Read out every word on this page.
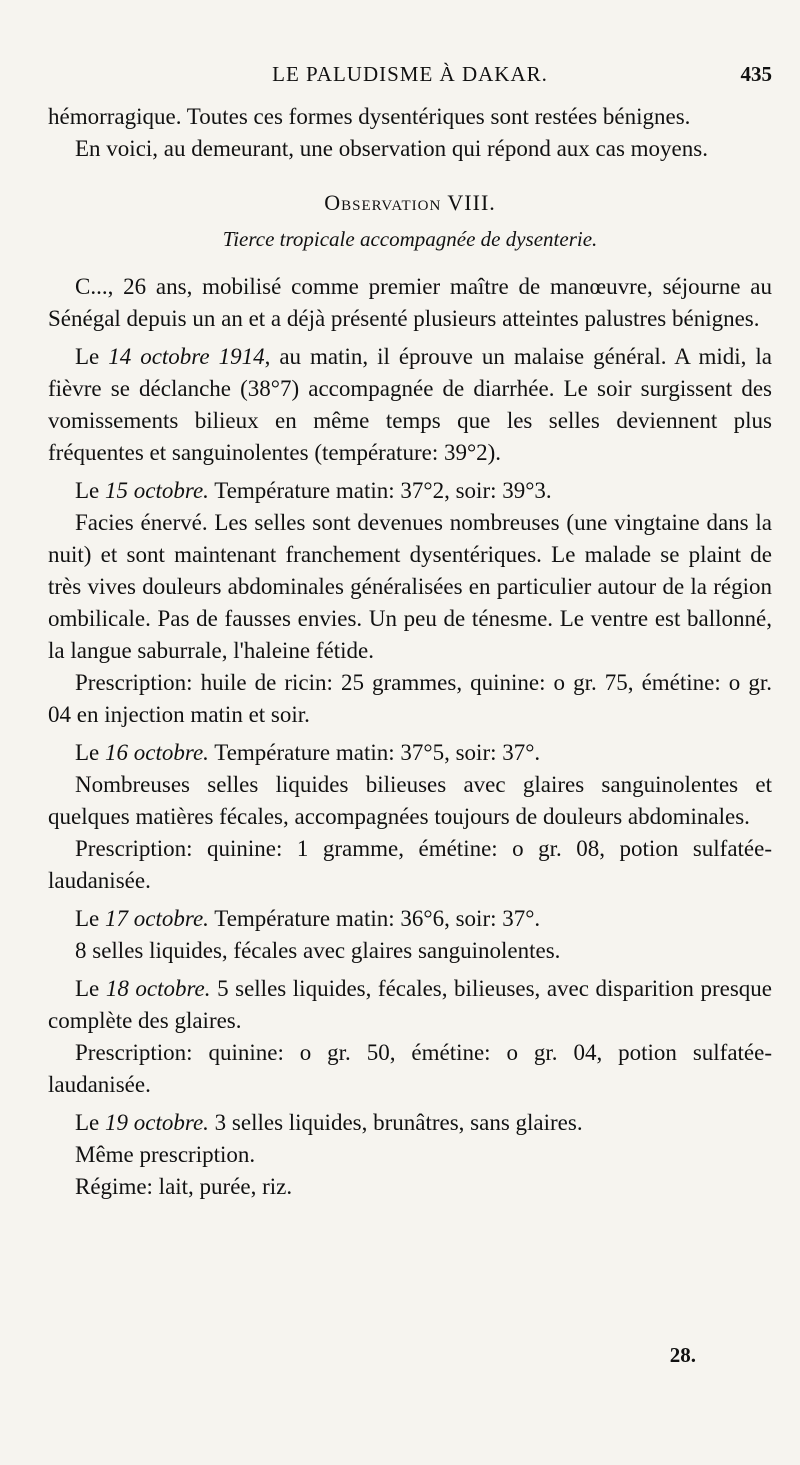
LE PALUDISME À DAKAR.	435

hémorragique. Toutes ces formes dysentériques sont restées bénignes.

En voici, au demeurant, une observation qui répond aux cas moyens.

Observation VIII.
Tierce tropicale accompagnée de dysenterie.

C..., 26 ans, mobilisé comme premier maître de manœuvre, séjourne au Sénégal depuis un an et a déjà présenté plusieurs atteintes palustres bénignes.

Le 14 octobre 1914, au matin, il éprouve un malaise général. A midi, la fièvre se déclanche (38°7) accompagnée de diarrhée. Le soir surgissent des vomissements bilieux en même temps que les selles deviennent plus fréquentes et sanguinolentes (température: 39°2).

Le 15 octobre. Température matin: 37°2, soir: 39°3.

Facies énervé. Les selles sont devenues nombreuses (une vingtaine dans la nuit) et sont maintenant franchement dysentériques. Le malade se plaint de très vives douleurs abdominales généralisées en particulier autour de la région ombilicale. Pas de fausses envies. Un peu de ténesme. Le ventre est ballonné, la langue saburrale, l'haleine fétide.

Prescription: huile de ricin: 25 grammes, quinine: o gr. 75, émétine: o gr. 04 en injection matin et soir.

Le 16 octobre. Température matin: 37°5, soir: 37°.

Nombreuses selles liquides bilieuses avec glaires sanguinolentes et quelques matières fécales, accompagnées toujours de douleurs abdominales.

Prescription: quinine: 1 gramme, émétine: o gr. 08, potion sulfatée-laudanisée.

Le 17 octobre. Température matin: 36°6, soir: 37°.

8 selles liquides, fécales avec glaires sanguinolentes.

Le 18 octobre. 5 selles liquides, fécales, bilieuses, avec disparition presque complète des glaires.

Prescription: quinine: o gr. 50, émétine: o gr. 04, potion sulfatée-laudanisée.

Le 19 octobre. 3 selles liquides, brunâtres, sans glaires.

Même prescription.

Régime: lait, purée, riz.

28.
